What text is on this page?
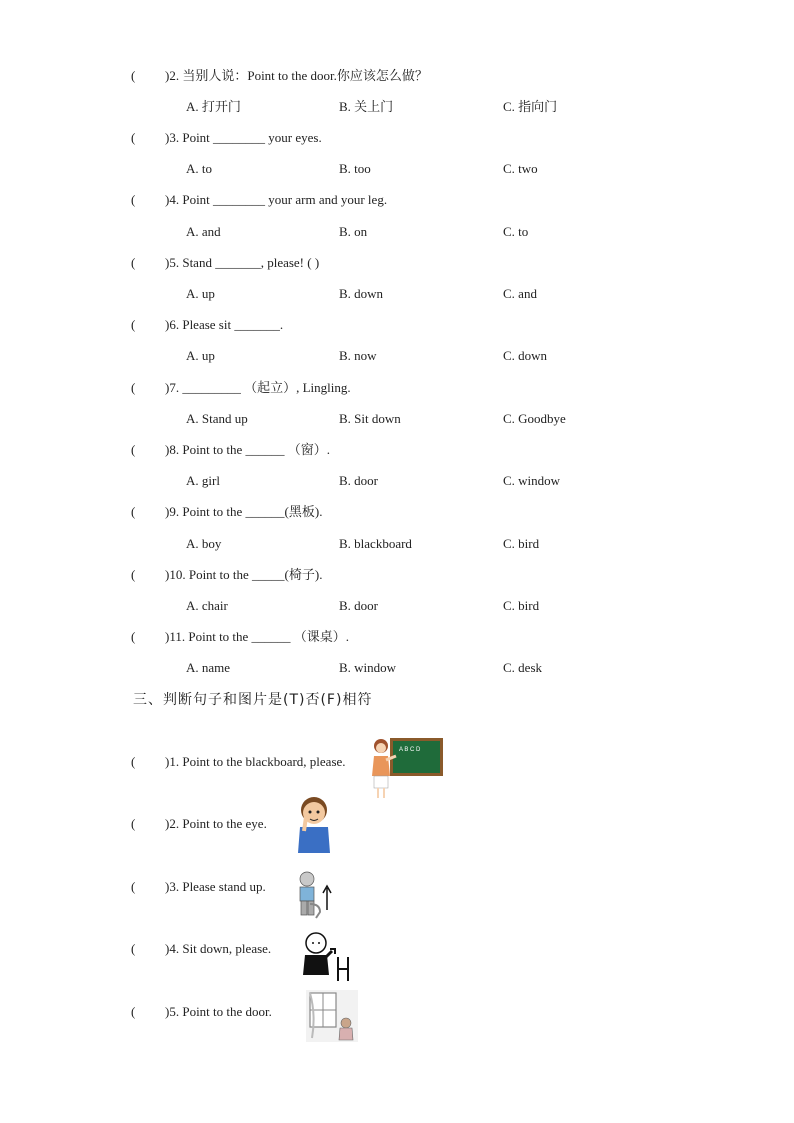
( )2. 当别人说：Point to the door.你应该怎么做？
A. 打开门	B. 关上门	C. 指向门
( )3. Point ________ your eyes.
A. to	B. too	C. two
( )4. Point ________ your arm and your leg.
A. and	B. on	C. to
( )5. Stand _______, please! ( )
A. up	B. down	C. and
( )6. Please sit _______.
A. up	B. now	C. down
( )7. _________ （起立）, Lingling.
A. Stand up	B. Sit down	C. Goodbye
( )8. Point to the ______ （窗）.
A. girl	B. door	C. window
( )9. Point to the ______(黑板).
A. boy	B. blackboard	C. bird
( )10. Point to the _____(椅子).
A. chair	B. door	C. bird
( )11. Point to the ______ （课桌）.
A. name	B. window	C. desk
三、判断句子和图片是(T)否(F)相符
( )1. Point to the blackboard, please.
( )2. Point to the eye.
( )3. Please stand up.
( )4. Sit down, please.
( )5. Point to the door.
A B C D
